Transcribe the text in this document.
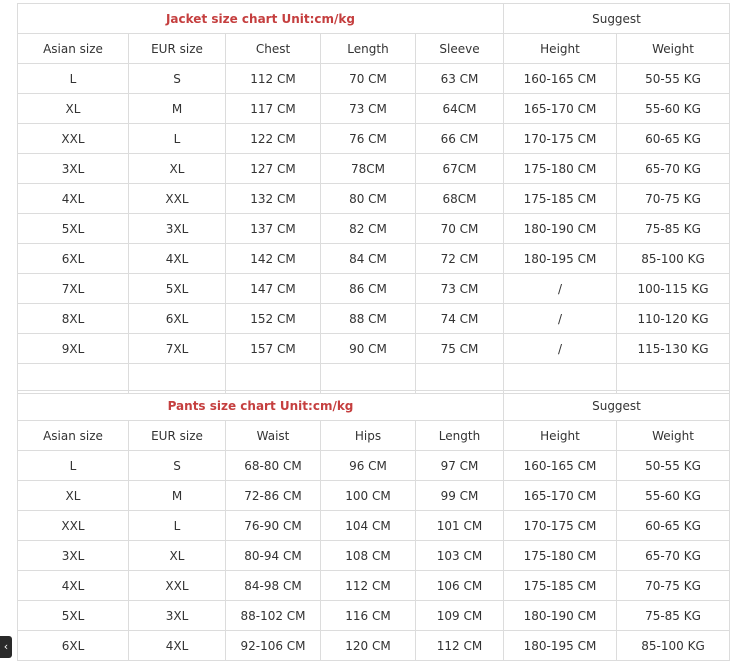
Jacket size chart Unit:cm/kg					Suggest	
Asian size	EUR size	Chest	Length	Sleeve	Height	Weight
L	S	112 CM	70 CM	63 CM	160-165 CM	50-55 KG
XL	M	117 CM	73 CM	64CM	165-170 CM	55-60 KG
XXL	L	122 CM	76 CM	66 CM	170-175 CM	60-65 KG
3XL	XL	127 CM	78CM	67CM	175-180 CM	65-70 KG
4XL	XXL	132 CM	80 CM	68CM	175-185 CM	70-75 KG
5XL	3XL	137 CM	82 CM	70 CM	180-190 CM	75-85 KG
6XL	4XL	142 CM	84 CM	72 CM	180-195 CM	85-100 KG
7XL	5XL	147 CM	86 CM	73 CM	/	100-115 KG
8XL	6XL	152 CM	88 CM	74 CM	/	110-120 KG
9XL	7XL	157 CM	90 CM	75 CM	/	115-130 KG

Pants size chart Unit:cm/kg					Suggest	
Asian size	EUR size	Waist	Hips	Length	Height	Weight
L	S	68-80 CM	96 CM	97 CM	160-165 CM	50-55 KG
XL	M	72-86 CM	100 CM	99 CM	165-170 CM	55-60 KG
XXL	L	76-90 CM	104 CM	101 CM	170-175 CM	60-65 KG
3XL	XL	80-94 CM	108 CM	103 CM	175-180 CM	65-70 KG
4XL	XXL	84-98 CM	112 CM	106 CM	175-185 CM	70-75 KG
5XL	3XL	88-102 CM	116 CM	109 CM	180-190 CM	75-85 KG
6XL	4XL	92-106 CM	120 CM	112 CM	180-195 CM	85-100 KG
‹
